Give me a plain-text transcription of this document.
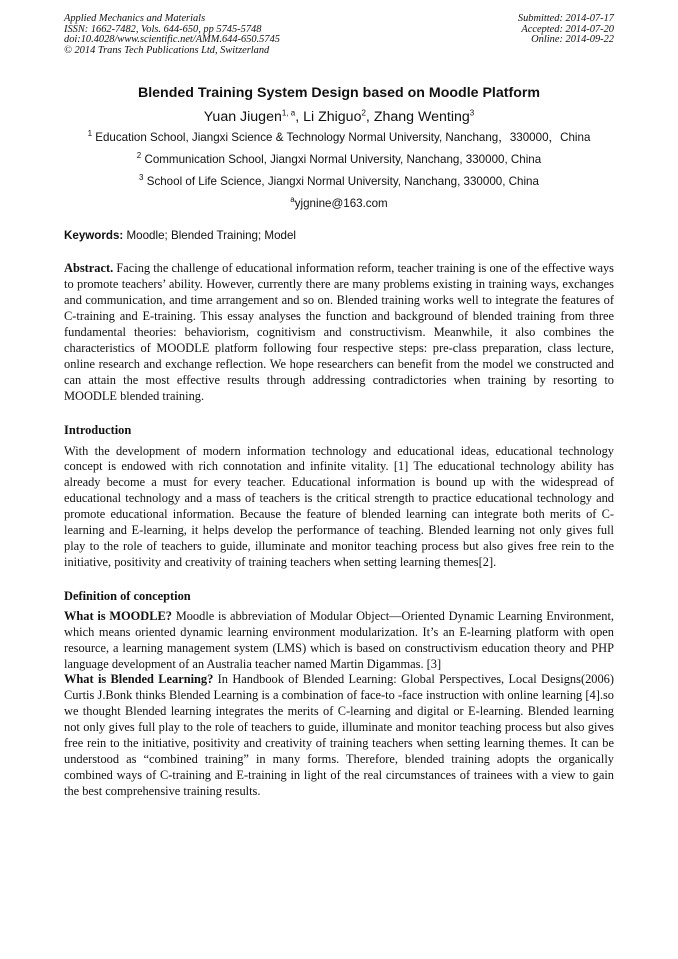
Applied Mechanics and Materials
ISSN: 1662-7482, Vols. 644-650, pp 5745-5748
doi:10.4028/www.scientific.net/AMM.644-650.5745
© 2014 Trans Tech Publications Ltd, Switzerland
Submitted: 2014-07-17
Accepted: 2014-07-20
Online: 2014-09-22
Blended Training System Design based on Moodle Platform
Yuan Jiugen$^{1, a}$, Li Zhiguo$^2$, Zhang Wenting$^3$
$^1$ Education School, Jiangxi Science & Technology Normal University, Nanchang，330000，China
$^2$ Communication School, Jiangxi Normal University, Nanchang, 330000, China
$^3$ School of Life Science, Jiangxi Normal University, Nanchang, 330000, China
$^a$yjgnine@163.com
Keywords: Moodle; Blended Training; Model

Abstract. Facing the challenge of educational information reform, teacher training is one of the effective ways to promote teachers’ ability. However, currently there are many problems existing in training ways, exchanges and communication, and time arrangement and so on. Blended training works well to integrate the features of C-training and E-training. This essay analyses the function and background of blended training from three fundamental theories: behaviorism, cognitivism and constructivism. Meanwhile, it also combines the characteristics of MOODLE platform following four respective steps: pre-class preparation, class lecture, online research and exchange reflection. We hope researchers can benefit from the model we constructed and can attain the most effective results through addressing contradictories when training by resorting to MOODLE blended training.

Introduction

With the development of modern information technology and educational ideas, educational technology concept is endowed with rich connotation and infinite vitality. [1] The educational technology ability has already become a must for every teacher. Educational information is bound up with the widespread of educational technology and a mass of teachers is the critical strength to practice educational technology and promote educational information. Because the feature of blended learning can integrate both merits of C-learning and E-learning, it helps develop the performance of teaching. Blended learning not only gives full play to the role of teachers to guide, illuminate and monitor teaching process but also gives free rein to the initiative, positivity and creativity of training teachers when setting learning themes[2].

Definition of conception

What is MOODLE? Moodle is abbreviation of Modular Object—Oriented Dynamic Learning Environment, which means oriented dynamic learning environment modularization. It’s an E-learning platform with open resource, a learning management system (LMS) which is based on constructivism education theory and PHP language development of an Australia teacher named Martin Digammas. [3]

What is Blended Learning? In Handbook of Blended Learning: Global Perspectives, Local Designs(2006) Curtis J.Bonk thinks Blended Learning is a combination of face-to -face instruction with online learning [4].so we thought Blended learning integrates the merits of C-learning and digital or E-learning. Blended learning not only gives full play to the role of teachers to guide, illuminate and monitor teaching process but also gives free rein to the initiative, positivity and creativity of training teachers when setting learning themes. It can be understood as “combined training” in many forms. Therefore, blended training adopts the organically combined ways of C-training and E-training in light of the real circumstances of trainees with a view to gain the best comprehensive training results.
